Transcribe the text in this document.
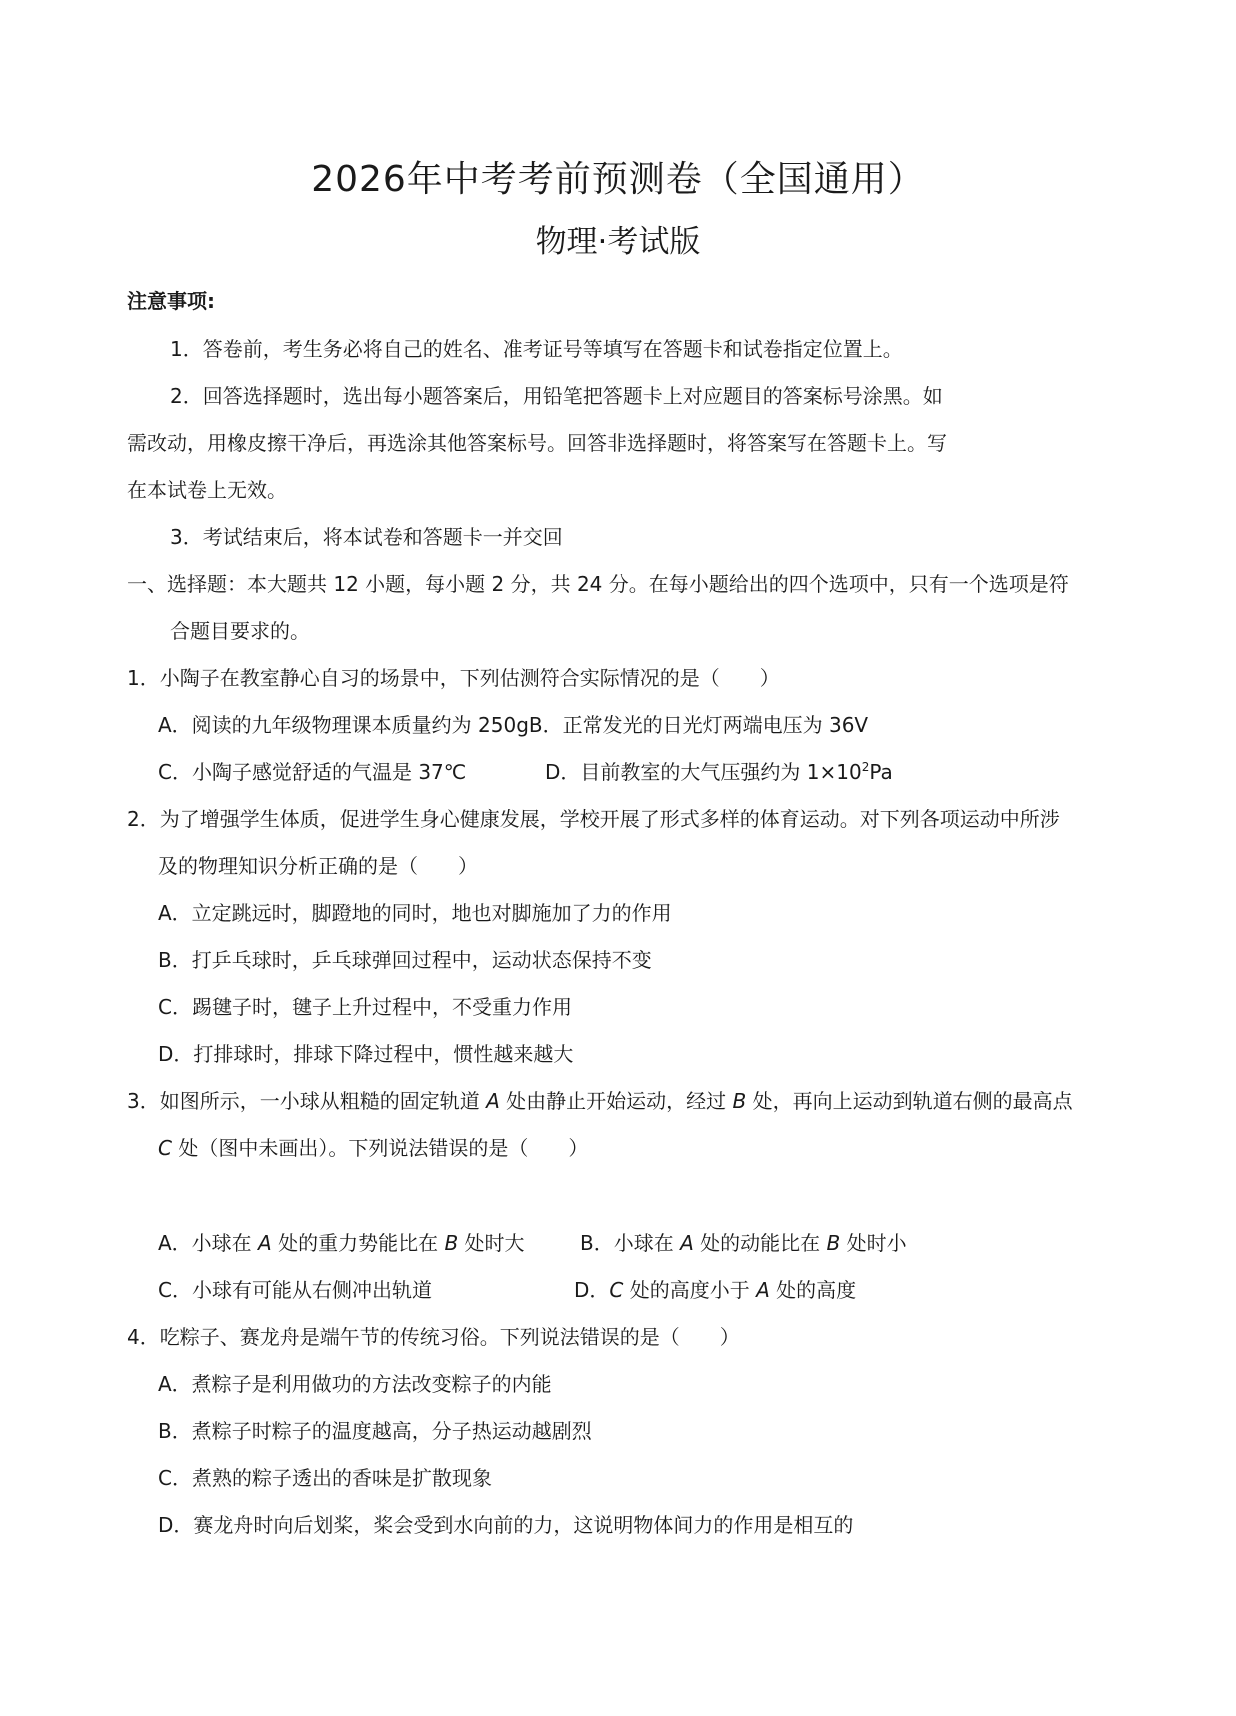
2026年中考考前预测卷（全国通用）
物理·考试版
注意事项:
1．答卷前，考生务必将自己的姓名、准考证号等填写在答题卡和试卷指定位置上。
2．回答选择题时，选出每小题答案后，用铅笔把答题卡上对应题目的答案标号涂黑。如
需改动，用橡皮擦干净后，再选涂其他答案标号。回答非选择题时，将答案写在答题卡上。写
在本试卷上无效。
3．考试结束后，将本试卷和答题卡一并交回
一、选择题：本大题共 12 小题，每小题 2 分，共 24 分。在每小题给出的四个选项中，只有一个选项是符
合题目要求的。
1．小陶子在教室静心自习的场景中，下列估测符合实际情况的是（　　）
A．阅读的九年级物理课本质量约为 250gB．正常发光的日光灯两端电压为 36V
C．小陶子感觉舒适的气温是 37℃	D．目前教室的大气压强约为 $1\times 10^2Pa$
2．为了增强学生体质，促进学生身心健康发展，学校开展了形式多样的体育运动。对下列各项运动中所涉
及的物理知识分析正确的是（　　）
A．立定跳远时，脚蹬地的同时，地也对脚施加了力的作用
B．打乒乓球时，乒乓球弹回过程中，运动状态保持不变
C．踢毽子时，毽子上升过程中，不受重力作用
D．打排球时，排球下降过程中，惯性越来越大
3．如图所示，一小球从粗糙的固定轨道 A 处由静止开始运动，经过 B 处，再向上运动到轨道右侧的最高点
C 处（图中未画出）。下列说法错误的是（　　）
A．小球在 A 处的重力势能比在 B 处时大	B．小球在 A 处的动能比在 B 处时小
C．小球有可能从右侧冲出轨道	D．C 处的高度小于 A 处的高度
4．吃粽子、赛龙舟是端午节的传统习俗。下列说法错误的是（　　）
A．煮粽子是利用做功的方法改变粽子的内能
B．煮粽子时粽子的温度越高，分子热运动越剧烈
C．煮熟的粽子透出的香味是扩散现象
D．赛龙舟时向后划桨，桨会受到水向前的力，这说明物体间力的作用是相互的
